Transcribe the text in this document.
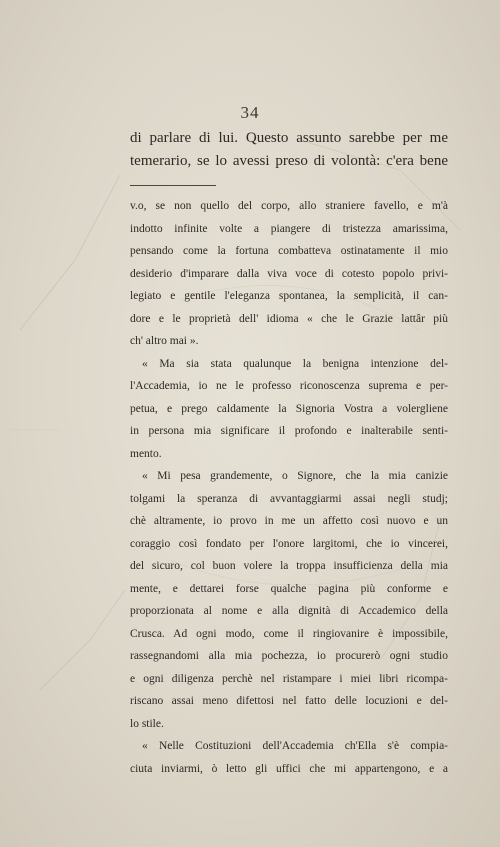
34
di parlare di lui. Questo assunto sarebbe per me
temerario, se lo avessi preso di volontà: c'era bene
v.o, se non quello del corpo, allo straniere favello, e m'à
indotto infinite volte a piangere di tristezza amarissima,
pensando come la fortuna combatteva ostinatamente il mio
desiderio d'imparare dalla viva voce di cotesto popolo privi-
legiato e gentile l'eleganza spontanea, la semplicità, il can-
dore e le proprietà dell' idioma « che le Grazie lattâr più
ch' altro mai ».
« Ma sia stata qualunque la benigna intenzione del-
l'Accademia, io ne le professo riconoscenza suprema e per-
petua, e prego caldamente la Signoria Vostra a volergliene
in persona mia significare il profondo e inalterabile senti-
mento.
« Mi pesa grandemente, o Signore, che la mia canizie
tolgami la speranza di avvantaggiarmi assai negli studj;
chè altramente, io provo in me un affetto così nuovo e un
coraggio così fondato per l'onore largitomi, che io vincerei,
del sicuro, col buon volere la troppa insufficienza della mia
mente, e dettarei forse qualche pagina più conforme e
proporzionata al nome e alla dignità di Accademico della
Crusca. Ad ogni modo, come il ringiovanire è impossibile,
rassegnandomi alla mia pochezza, io procurerò ogni studio
e ogni diligenza perchè nel ristampare i miei libri ricompa-
riscano assai meno difettosi nel fatto delle locuzioni e del-
lo stile.
« Nelle Costituzioni dell'Accademia ch'Ella s'è compia-
ciuta inviarmi, ò letto gli uffici che mi appartengono, e a
